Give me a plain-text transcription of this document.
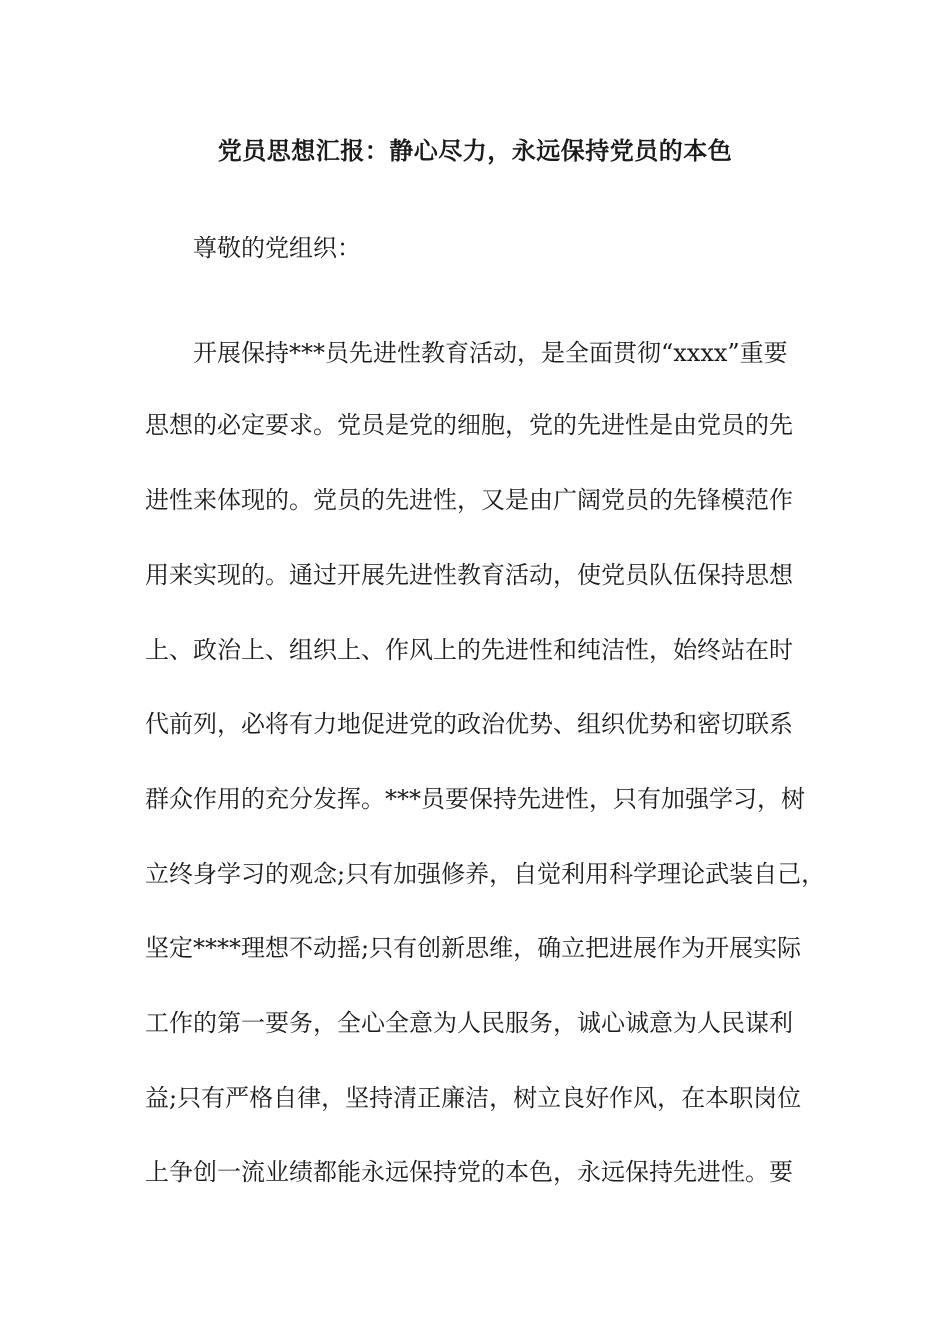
党员思想汇报：静心尽力，永远保持党员的本色
尊敬的党组织：
开展保持***员先进性教育活动，是全面贯彻“xxxx”重要
思想的必定要求。党员是党的细胞，党的先进性是由党员的先
进性来体现的。党员的先进性，又是由广阔党员的先锋模范作
用来实现的。通过开展先进性教育活动，使党员队伍保持思想
上、政治上、组织上、作风上的先进性和纯洁性，始终站在时
代前列，必将有力地促进党的政治优势、组织优势和密切联系
群众作用的充分发挥。***员要保持先进性，只有加强学习，树
立终身学习的观念;只有加强修养，自觉利用科学理论武装自己，
坚定****理想不动摇;只有创新思维，确立把进展作为开展实际
工作的第一要务，全心全意为人民服务，诚心诚意为人民谋利
益;只有严格自律，坚持清正廉洁，树立良好作风，在本职岗位
上争创一流业绩都能永远保持党的本色，永远保持先进性。要
